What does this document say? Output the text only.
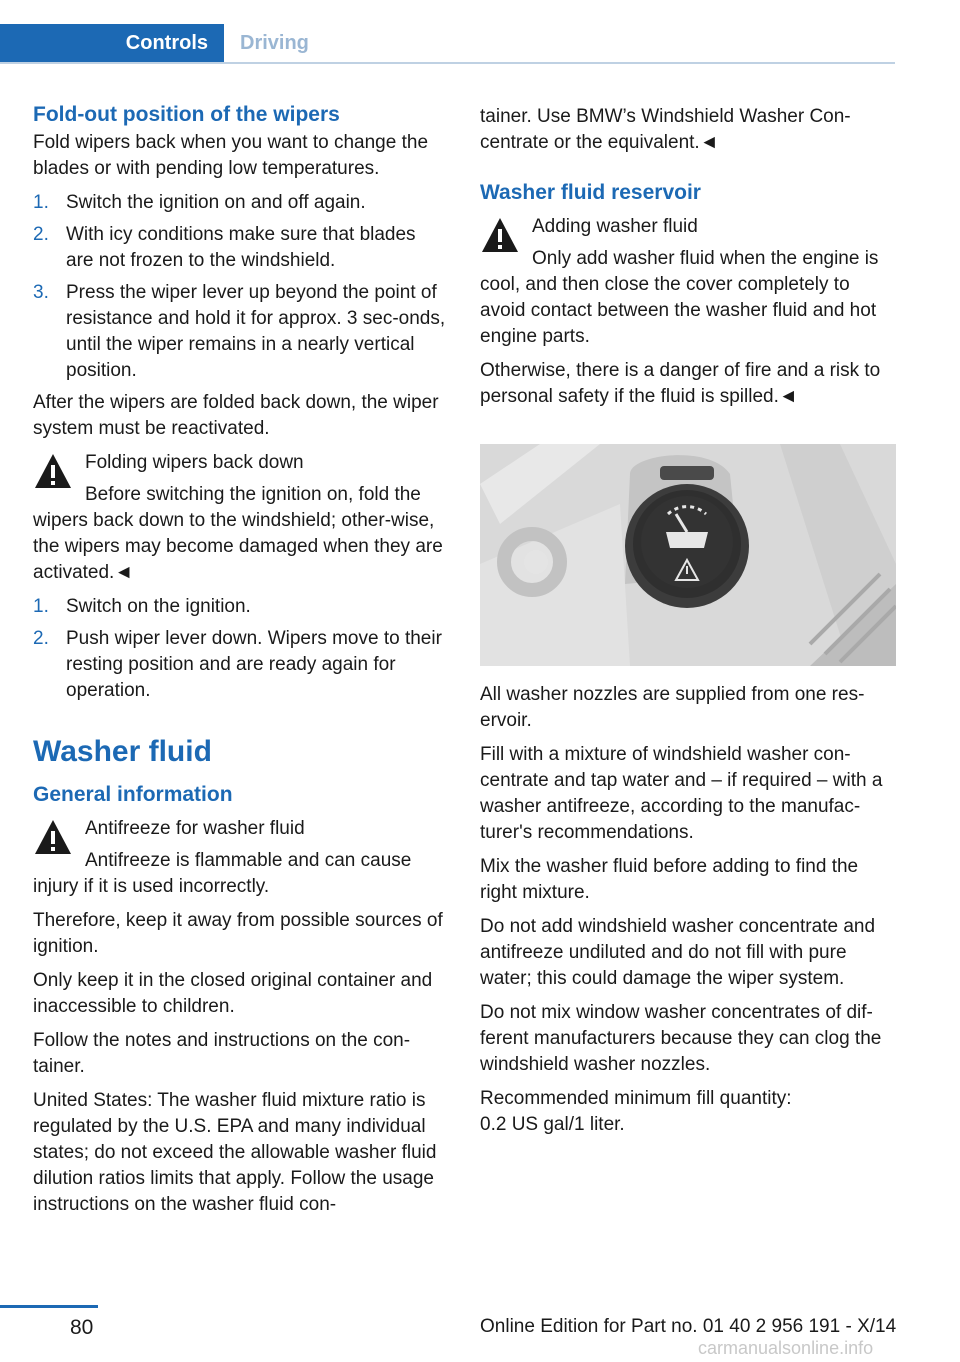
Controls Driving
Fold-out position of the wipers

Fold wipers back when you want to change the blades or with pending low temperatures.

1. Switch the ignition on and off again.
2. With icy conditions make sure that blades are not frozen to the windshield.
3. Press the wiper lever up beyond the point of resistance and hold it for approx. 3 sec‐onds, until the wiper remains in a nearly vertical position.

After the wipers are folded back down, the wiper system must be reactivated.

Folding wipers back down
Before switching the ignition on, fold the wipers back down to the windshield; other‐wise, the wipers may become damaged when they are activated.◄
1. Switch on the ignition.
2. Push wiper lever down. Wipers move to their resting position and are ready again for operation.
Washer fluid
General information
Antifreeze for washer fluid
Antifreeze is flammable and can cause injury if it is used incorrectly.

Therefore, keep it away from possible sources of ignition.

Only keep it in the closed original container and inaccessible to children.

Follow the notes and instructions on the con‐tainer.

United States: The washer fluid mixture ratio is regulated by the U.S. EPA and many individual states; do not exceed the allowable washer fluid dilution ratios limits that apply. Follow the usage instructions on the washer fluid con‐

tainer. Use BMW’s Windshield Washer Con‐centrate or the equivalent.◄

Washer fluid reservoir
Adding washer fluid
Only add washer fluid when the engine is cool, and then close the cover completely to avoid contact between the washer fluid and hot engine parts.

Otherwise, there is a danger of fire and a risk to personal safety if the fluid is spilled.◄

All washer nozzles are supplied from one res‐ervoir.

Fill with a mixture of windshield washer con‐centrate and tap water and – if required – with a washer antifreeze, according to the manufac‐turer's recommendations.

Mix the washer fluid before adding to find the right mixture.

Do not add windshield washer concentrate and antifreeze undiluted and do not fill with pure water; this could damage the wiper system.

Do not mix window washer concentrates of dif‐ferent manufacturers because they can clog the windshield washer nozzles.

Recommended minimum fill quantity:

0.2 US gal/1 liter.

80	Online Edition for Part no. 01 40 2 956 191 - X/14
carmanualsonline.info
